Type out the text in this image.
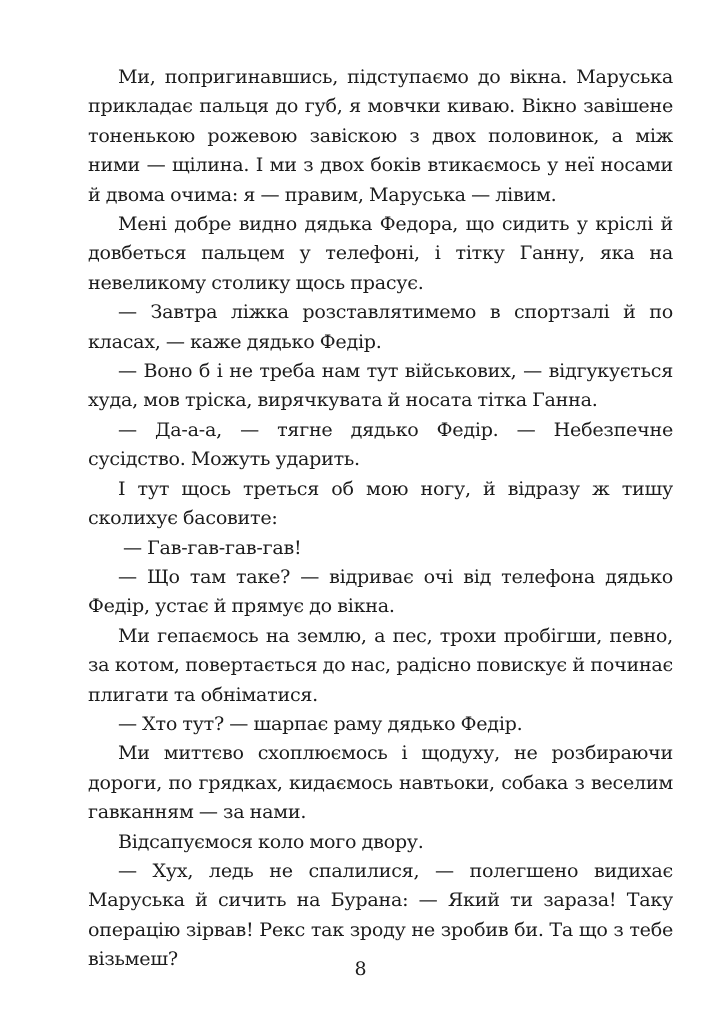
Ми, попригинавшись, підступаємо до вікна. Маруська прикладає пальця до губ, я мовчки киваю. Вікно завішене тоненькою рожевою завіскою з двох половинок, а між ними — щілина. І ми з двох боків втикаємось у неї носами й двома очима: я — правим, Маруська — лівим.

Мені добре видно дядька Федора, що сидить у кріслі й довбеться пальцем у телефоні, і тітку Ганну, яка на невеликому столику щось прасує.

— Завтра ліжка розставлятимемо в спортзалі й по класах, — каже дядько Федір.

— Воно б і не треба нам тут військових, — відгукується худа, мов тріска, вирячкувата й носата тітка Ганна.

— Да-а-а, — тягне дядько Федір. — Небезпечне сусідство. Можуть ударить.

І тут щось треться об мою ногу, й відразу ж тишу сколихує басовите:

— Гав-гав-гав-гав!

— Що там таке? — відриває очі від телефона дядько Федір, устає й прямує до вікна.

Ми гепаємось на землю, а пес, трохи пробігши, певно, за котом, повертається до нас, радісно повискує й починає плигати та обніматися.

— Хто тут? — шарпає раму дядько Федір.

Ми миттєво схоплюємось і щодуху, не розбираючи дороги, по грядках, кидаємось навтьоки, собака з веселим гавканням — за нами.

Відсапуємося коло мого двору.

— Хух, ледь не спалилися, — полегшено видихає Маруська й сичить на Бурана: — Який ти зараза! Таку операцію зірвав! Рекс так зроду не зробив би. Та що з тебе візьмеш?	8
